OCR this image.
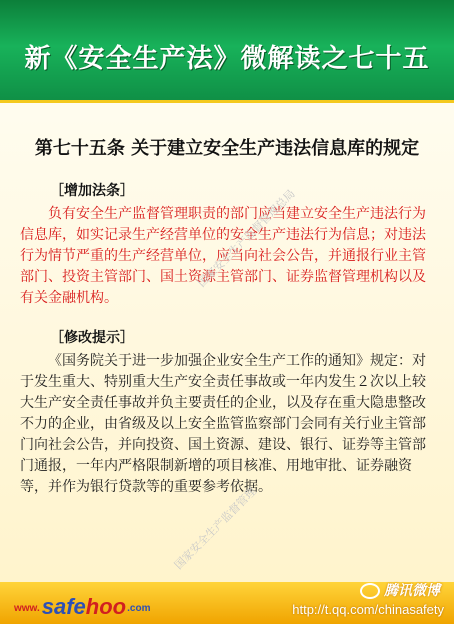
新《安全生产法》微解读之七十五
第七十五条 关于建立安全生产违法信息库的规定
［增加法条］
负有安全生产监督管理职责的部门应当建立安全生产违法行为信息库，如实记录生产经营单位的安全生产违法行为信息；对违法行为情节严重的生产经营单位，应当向社会公告，并通报行业主管部门、投资主管部门、国土资源主管部门、证券监督管理机构以及有关金融机构。
［修改提示］
《国务院关于进一步加强企业安全生产工作的通知》规定：对于发生重大、特别重大生产安全责任事故或一年内发生２次以上较大生产安全责任事故并负主要责任的企业，以及存在重大隐患整改不力的企业，由省级及以上安全监管监察部门会同有关行业主管部门向社会公告，并向投资、国土资源、建设、银行、证券等主管部门通报，一年内严格限制新增的项目核准、用地审批、证券融资等，并作为银行贷款等的重要参考依据。
国家安全生产监督管理总局
国家安全生产监督管理
www.safehoo.com
腾讯微博
http://t.qq.com/chinasafety
